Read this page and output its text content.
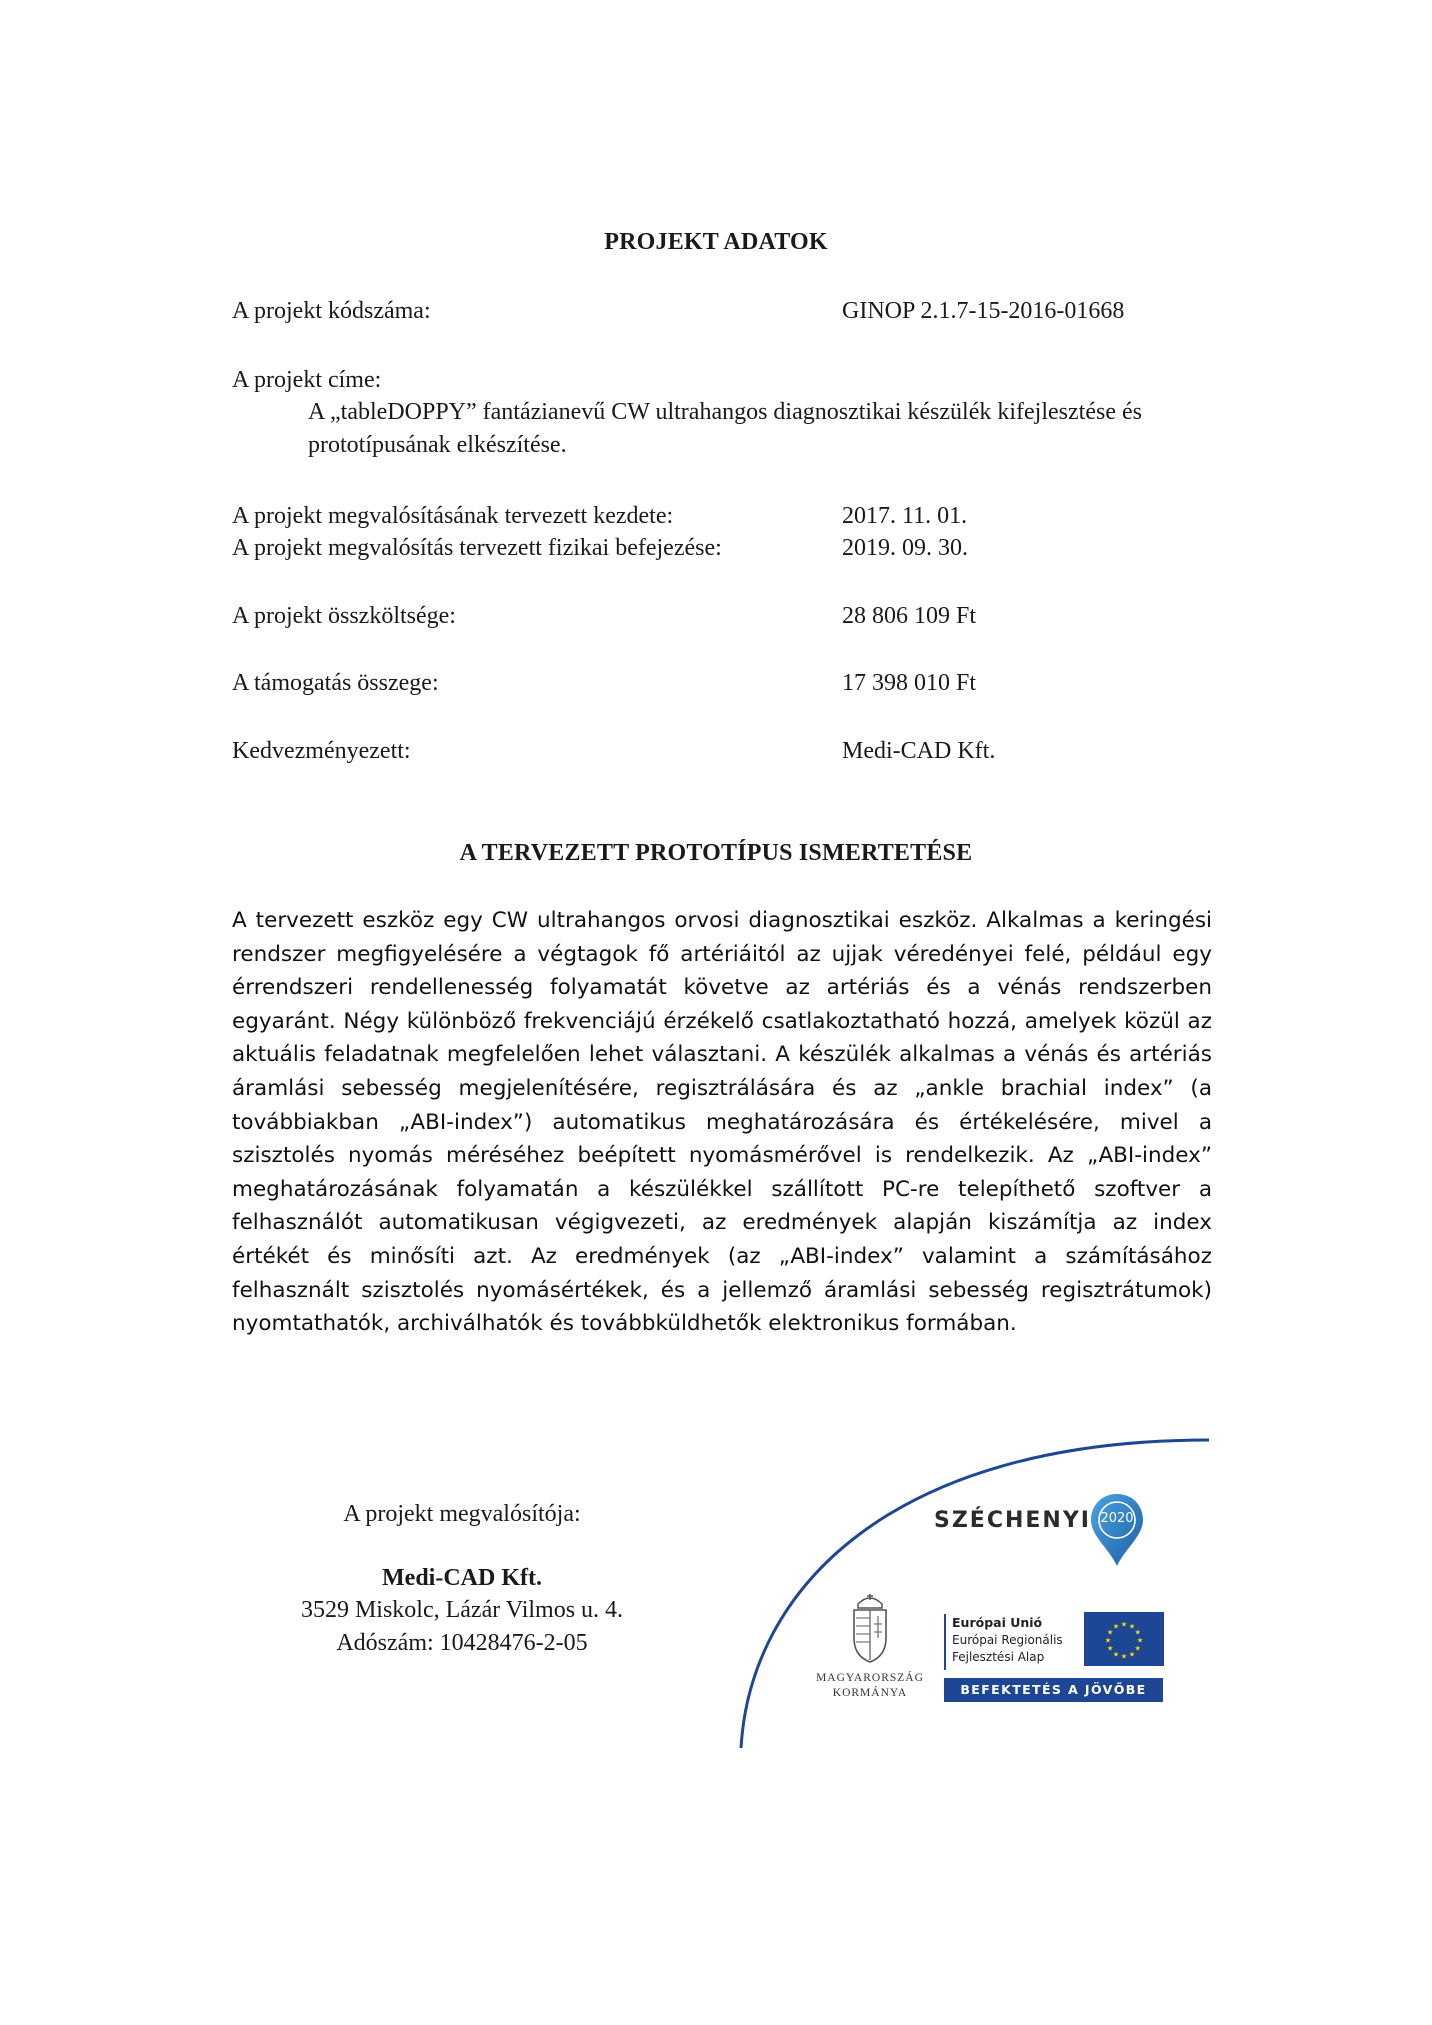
PROJEKT ADATOK
A projekt kódszáma:	GINOP 2.1.7-15-2016-01668
A projekt címe:
A „tableDOPPY” fantázianevű CW ultrahangos diagnosztikai készülék kifejlesztése és
prototípusának elkészítése.
A projekt megvalósításának tervezett kezdete:	2017. 11. 01.
A projekt megvalósítás tervezett fizikai befejezése:	2019. 09. 30.
A projekt összköltsége:	28 806 109 Ft
A támogatás összege:	17 398 010 Ft
Kedvezményezett:	Medi-CAD Kft.
A TERVEZETT PROTOTÍPUS ISMERTETÉSE
A tervezett eszköz egy CW ultrahangos orvosi diagnosztikai eszköz. Alkalmas a keringési rendszer megfigyelésére a végtagok fő artériáitól az ujjak véredényei felé, például egy érrendszeri rendellenesség folyamatát követve az artériás és a vénás rendszerben egyaránt. Négy különböző frekvenciájú érzékelő csatlakoztatható hozzá, amelyek közül az aktuális feladatnak megfelelően lehet választani. A készülék alkalmas a vénás és artériás áramlási sebesség megjelenítésére, regisztrálására és az „ankle brachial index” (a továbbiakban „ABI-index”) automatikus meghatározására és értékelésére, mivel a szisztolés nyomás méréséhez beépített nyomásmérővel is rendelkezik. Az „ABI-index” meghatározásának folyamatán a készülékkel szállított PC-re telepíthető szoftver a felhasználót automatikusan végigvezeti, az eredmények alapján kiszámítja az index értékét és minősíti azt. Az eredmények (az „ABI-index” valamint a számításához felhasznált szisztolés nyomásértékek, és a jellemző áramlási sebesség regisztrátumok) nyomtathatók, archiválhatók és továbbküldhetők elektronikus formában.
A projekt megvalósítója:
Medi-CAD Kft.
3529 Miskolc, Lázár Vilmos u. 4.
Adószám: 10428476-2-05
SZÉCHENYI 2020
MAGYARORSZÁG
KORMÁNYA
Európai Unió
Európai Regionális
Fejlesztési Alap
★ ★
★
★
★
★
★
★
★
★
★
★
BEFEKTETÉS A JÖVŐBE
